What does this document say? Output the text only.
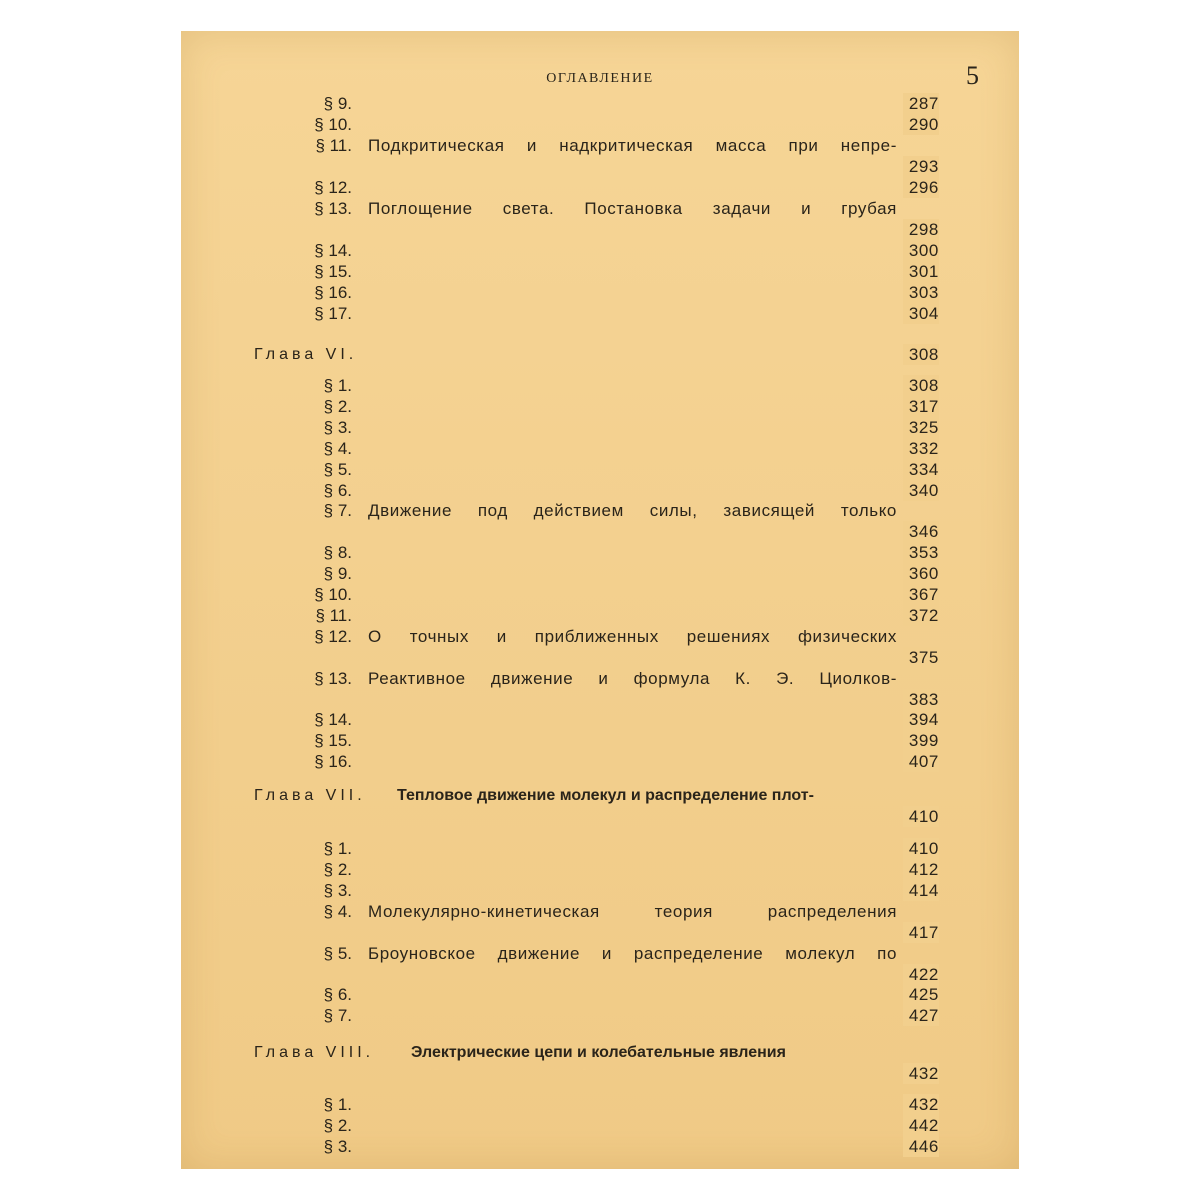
ОГЛАВЛЕНИЕ	5
§ 9.	287
§ 10.	290
§ 11. Подкритическая и надкритическая масса при непре-
293
§ 12.	296
§ 13. Поглощение света. Постановка задачи и грубая
298
§ 14.	300
§ 15.	301
§ 16.	303
§ 17.	304
Глава VI.	308
§ 1.	308
§ 2.	317
§ 3.	325
§ 4.	332
§ 5.	334
§ 6.	340
§ 7. Движение под действием силы, зависящей только
346
§ 8.	353
§ 9.	360
§ 10.	367
§ 11.	372
§ 12. О точных и приближенных решениях физических
375
§ 13. Реактивное движение и формула К. Э. Циолков-
383
§ 14.	394
§ 15.	399
§ 16.	407
Глава VII. Тепловое движение молекул и распределение плот-
410
§ 1.	410
§ 2.	412
§ 3.	414
§ 4. Молекулярно-кинетическая теория распределения
417
§ 5. Броуновское движение и распределение молекул по
422
§ 6.	425
§ 7.	427
Глава VIII. Электрические цепи и колебательные явления
432
§ 1.	432
§ 2.	442
§ 3.	446
